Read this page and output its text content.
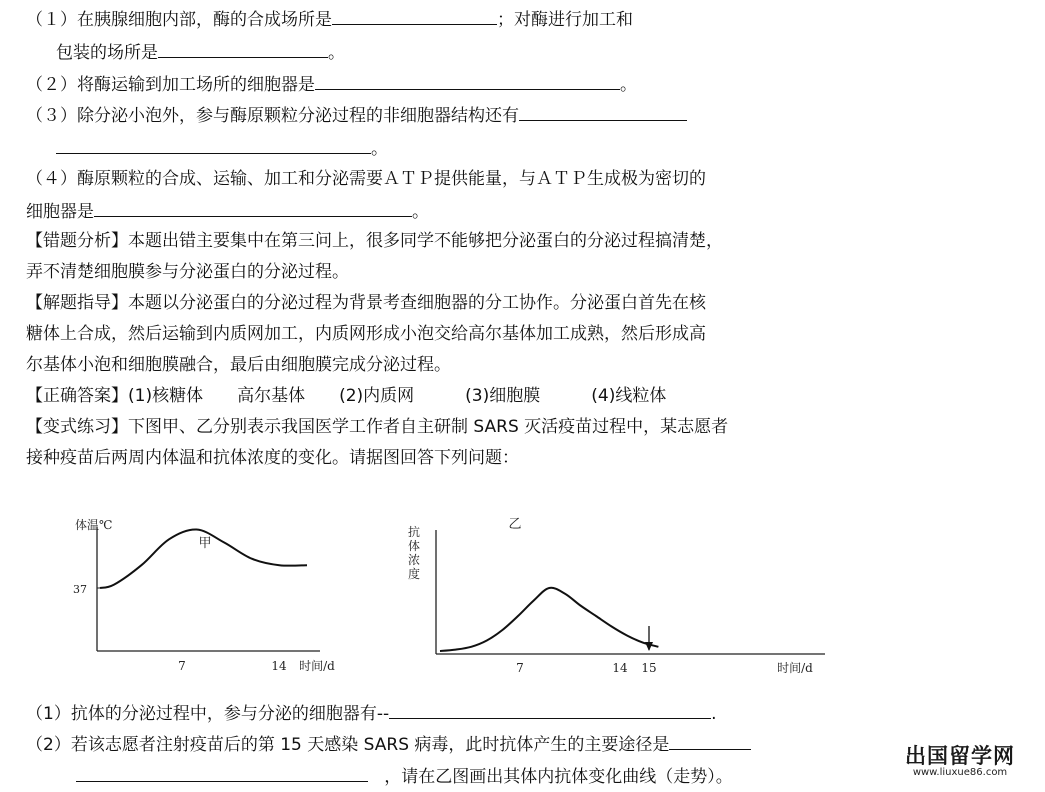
（１）在胰腺细胞内部，酶的合成场所是	；对酶进行加工和
包装的场所是	。
（２）将酶运输到加工场所的细胞器是	。
（３）除分泌小泡外，参与酶原颗粒分泌过程的非细胞器结构还有
。
（４）酶原颗粒的合成、运输、加工和分泌需要ＡＴＰ提供能量，与ＡＴＰ生成极为密切的
细胞器是	。
【错题分析】本题出错主要集中在第三问上，很多同学不能够把分泌蛋白的分泌过程搞清楚，
弄不清楚细胞膜参与分泌蛋白的分泌过程。
【解题指导】本题以分泌蛋白的分泌过程为背景考查细胞器的分工协作。分泌蛋白首先在核
糖体上合成，然后运输到内质网加工，内质网形成小泡交给高尔基体加工成熟，然后形成高
尔基体小泡和细胞膜融合，最后由细胞膜完成分泌过程。
【正确答案】(1)核糖体　　高尔基体　　(2)内质网　　　(3)细胞膜　　　(4)线粒体
【变式练习】下图甲、乙分别表示我国医学工作者自主研制 SARS 灭活疫苗过程中，某志愿者
接种疫苗后两周内体温和抗体浓度的变化。请据图回答下列问题：
体温℃
甲
37
7	14 时间/d
乙
抗
体
浓
度
7	14 15	时间/d
（1）抗体的分泌过程中，参与分泌的细胞器有--	.
（2）若该志愿者注射疫苗后的第 15 天感染 SARS 病毒，此时抗体产生的主要途径是
，请在乙图画出其体内抗体变化曲线（走势）。
出国留学网
www.liuxue86.com
